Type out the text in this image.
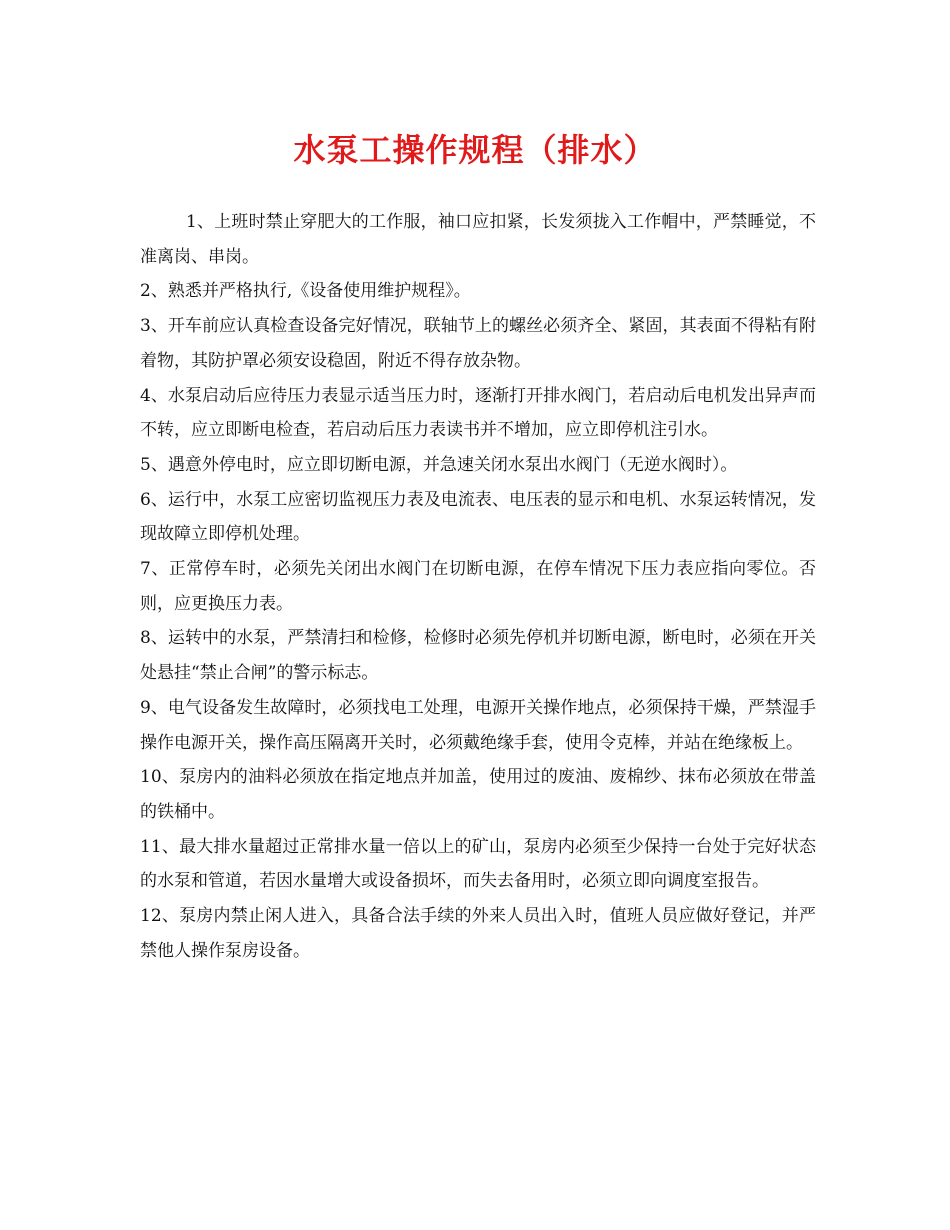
水泵工操作规程（排水）

1、上班时禁止穿肥大的工作服，袖口应扣紧，长发须拢入工作帽中，严禁睡觉，不准离岗、串岗。

2、熟悉并严格执行,《设备使用维护规程》。

3、开车前应认真检查设备完好情况，联轴节上的螺丝必须齐全、紧固，其表面不得粘有附着物，其防护罩必须安设稳固，附近不得存放杂物。

4、水泵启动后应待压力表显示适当压力时，逐渐打开排水阀门，若启动后电机发出异声而不转，应立即断电检查，若启动后压力表读书并不增加，应立即停机注引水。

5、遇意外停电时，应立即切断电源，并急速关闭水泵出水阀门（无逆水阀时）。

6、运行中，水泵工应密切监视压力表及电流表、电压表的显示和电机、水泵运转情况，发现故障立即停机处理。

7、正常停车时，必须先关闭出水阀门在切断电源，在停车情况下压力表应指向零位。否则，应更换压力表。

8、运转中的水泵，严禁清扫和检修，检修时必须先停机并切断电源，断电时，必须在开关处悬挂“禁止合闸”的警示标志。

9、电气设备发生故障时，必须找电工处理，电源开关操作地点，必须保持干燥，严禁湿手操作电源开关，操作高压隔离开关时，必须戴绝缘手套，使用令克棒，并站在绝缘板上。

10、泵房内的油料必须放在指定地点并加盖，使用过的废油、废棉纱、抹布必须放在带盖的铁桶中。

11、最大排水量超过正常排水量一倍以上的矿山，泵房内必须至少保持一台处于完好状态的水泵和管道，若因水量增大或设备损坏，而失去备用时，必须立即向调度室报告。

12、泵房内禁止闲人进入，具备合法手续的外来人员出入时，值班人员应做好登记，并严禁他人操作泵房设备。
